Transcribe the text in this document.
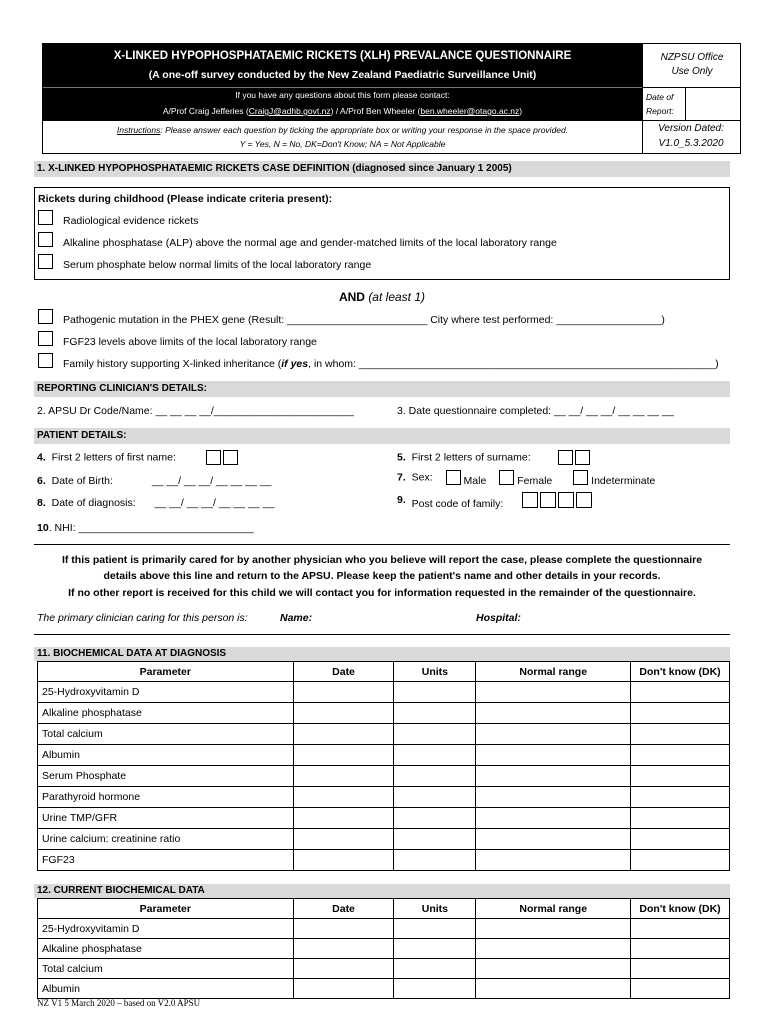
X-LINKED HYPOPHOSPHATAEMIC RICKETS (XLH) PREVALANCE QUESTIONNAIRE
(A one-off survey conducted by the New Zealand Paediatric Surveillance Unit)
If you have any questions about this form please contact:
A/Prof Craig Jefferies (CraigJ@adhb.govt.nz) / A/Prof Ben Wheeler (ben.wheeler@otago.ac.nz)
Instructions: Please answer each question by ticking the appropriate box or writing your response in the space provided.
Y = Yes, N = No, DK=Don't Know; NA = Not Applicable
NZPSU Office Use Only
Date of Report:
Version Dated:
V1.0_5.3.2020
1. X-LINKED HYPOPHOSPHATAEMIC RICKETS CASE DEFINITION (diagnosed since January 1 2005)
Rickets during childhood (Please indicate criteria present):
Radiological evidence rickets
Alkaline phosphatase (ALP) above the normal age and gender-matched limits of the local laboratory range
Serum phosphate below normal limits of the local laboratory range
AND (at least 1)
Pathogenic mutation in the PHEX gene (Result: ________________________ City where test performed: __________________)
FGF23 levels above limits of the local laboratory range
Family history supporting X-linked inheritance (if yes, in whom: _____________________________________________________________)
REPORTING CLINICIAN'S DETAILS:
2. APSU Dr Code/Name: __ __ __ __/________________________	3. Date questionnaire completed: __ __/ __ __/ __ __ __ __
PATIENT DETAILS:
4. First 2 letters of first name:	5. First 2 letters of surname:
6. Date of Birth:	__ __/ __ __/ __ __ __ __	7. Sex:	Male	Female	Indeterminate
8. Date of diagnosis: __ __/ __ __/ __ __ __ __	9. Post code of family:
10. NHI: ______________________________
If this patient is primarily cared for by another physician who you believe will report the case, please complete the questionnaire
details above this line and return to the APSU. Please keep the patient's name and other details in your records.
If no other report is received for this child we will contact you for information requested in the remainder of the questionnaire.
The primary clinician caring for this person is:	Name:	Hospital:
11. BIOCHEMICAL DATA AT DIAGNOSIS
Parameter	Date	Units	Normal range	Don't know (DK)
25-Hydroxyvitamin D				
Alkaline phosphatase				
Total calcium				
Albumin				
Serum Phosphate				
Parathyroid hormone				
Urine TMP/GFR				
Urine calcium: creatinine ratio				
FGF23				
12. CURRENT BIOCHEMICAL DATA
Parameter	Date	Units	Normal range	Don't know (DK)
25-Hydroxyvitamin D				
Alkaline phosphatase				
Total calcium				
Albumin				
NZ V1 5 March 2020 – based on V2.0 APSU
